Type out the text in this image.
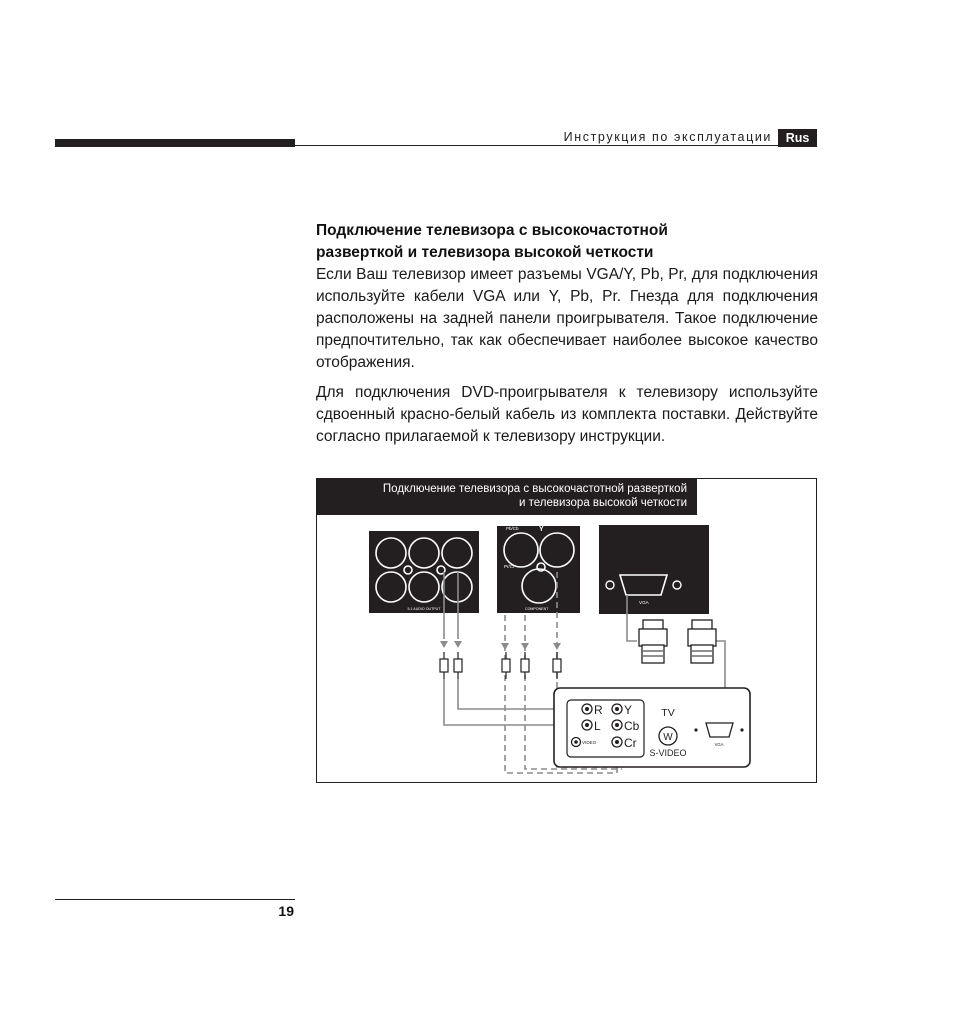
Инструкция по эксплуатации	Rus
Подключение телевизора с высокочастотной
разверткой и телевизора высокой четкости
Если Ваш телевизор имеет разъемы VGA/Y, Pb, Pr, для подключения используйте кабели VGA или Y, Pb, Pr. Гнезда для подключения расположены на задней панели проигрывателя. Такое подключение предпочтительно, так как обеспечивает наиболее высокое качество отображения.
Для подключения DVD-проигрывателя к телевизору используйте сдвоенный красно-белый кабель из комплекта поставки. Действуйте согласно прилагаемой к телевизору инструкции.
5.1 AUDIO OUTPUT
Pb/Cb
Pr/Cr
Y
COMPONENT
VGA
R
L
VIDEO
Y
Cb
Cr
TV
W
S-VIDEO
VGA
Подключение телевизора с высокочастотной разверткой
и телевизора высокой четкости
19
